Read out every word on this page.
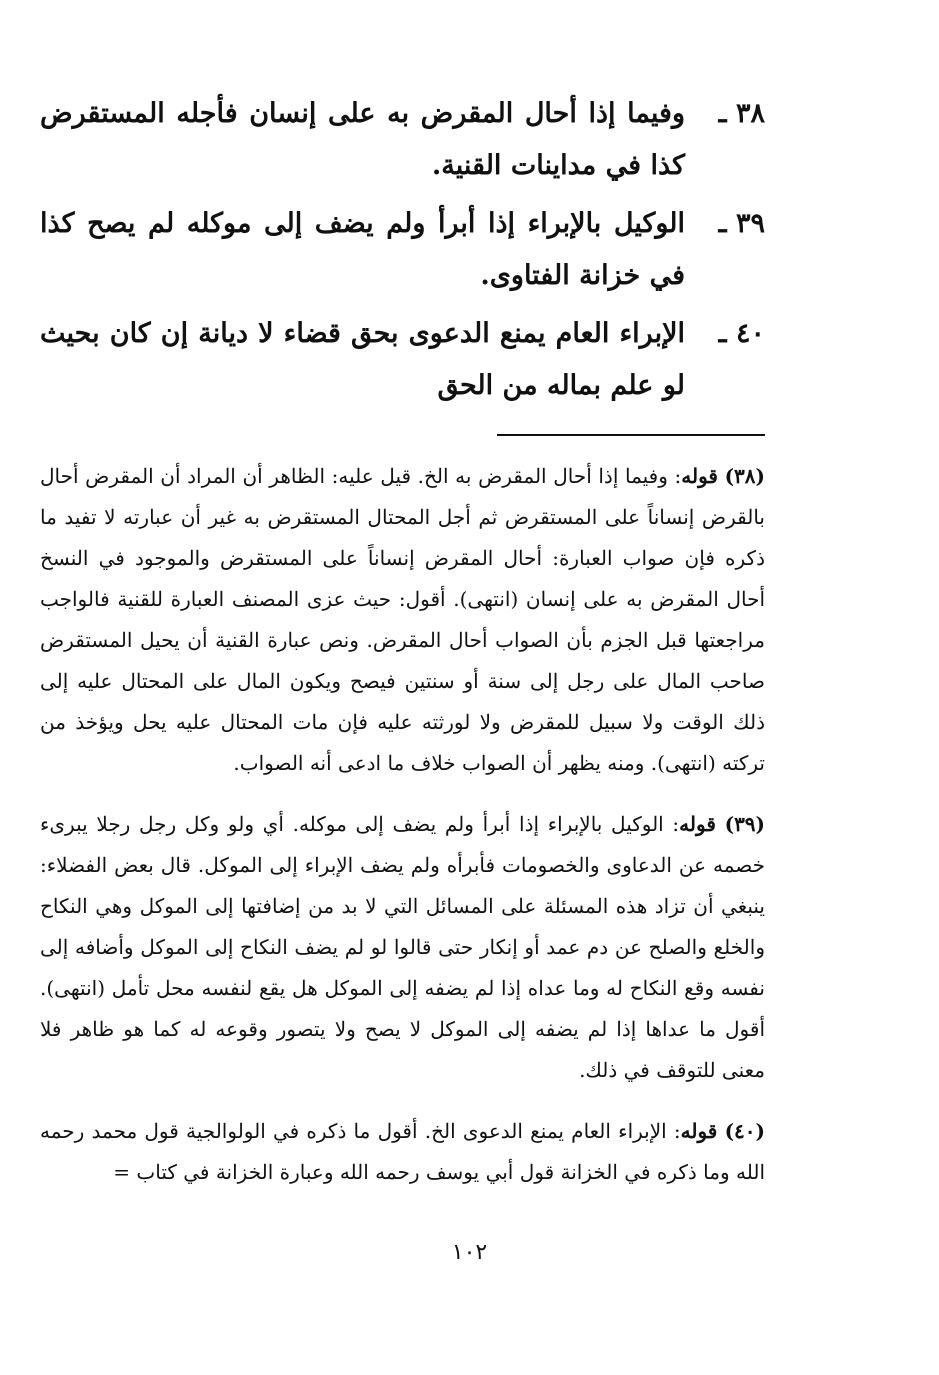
٣٨ ـ
وفيما إذا أحال المقرض به على إنسان فأجله المستقرض كذا في مداينات القنية.
٣٩ ـ
الوكيل بالإبراء إذا أبرأ ولم يضف إلى موكله لم يصح كذا في خزانة الفتاوى.
٤٠ ـ
الإبراء العام يمنع الدعوى بحق قضاء لا ديانة إن كان بحيث لو علم بماله من الحق

(٣٨) قوله: وفيما إذا أحال المقرض به الخ. قيل عليه: الظاهر أن المراد أن المقرض أحال بالقرض إنساناً على المستقرض ثم أجل المحتال المستقرض به غير أن عبارته لا تفيد ما ذكره فإن صواب العبارة: أحال المقرض إنساناً على المستقرض والموجود في النسخ أحال المقرض به على إنسان (انتهى). أقول: حيث عزى المصنف العبارة للقنية فالواجب مراجعتها قبل الجزم بأن الصواب أحال المقرض. ونص عبارة القنية أن يحيل المستقرض صاحب المال على رجل إلى سنة أو سنتين فيصح ويكون المال على المحتال عليه إلى ذلك الوقت ولا سبيل للمقرض ولا لورثته عليه فإن مات المحتال عليه يحل ويؤخذ من تركته (انتهى). ومنه يظهر أن الصواب خلاف ما ادعى أنه الصواب.

(٣٩) قوله: الوكيل بالإبراء إذا أبرأ ولم يضف إلى موكله. أي ولو وكل رجل رجلا يبرىء خصمه عن الدعاوى والخصومات فأبرأه ولم يضف الإبراء إلى الموكل. قال بعض الفضلاء: ينبغي أن تزاد هذه المسئلة على المسائل التي لا بد من إضافتها إلى الموكل وهي النكاح والخلع والصلح عن دم عمد أو إنكار حتى قالوا لو لم يضف النكاح إلى الموكل وأضافه إلى نفسه وقع النكاح له وما عداه إذا لم يضفه إلى الموكل هل يقع لنفسه محل تأمل (انتهى). أقول ما عداها إذا لم يضفه إلى الموكل لا يصح ولا يتصور وقوعه له كما هو ظاهر فلا معنى للتوقف في ذلك.

(٤٠) قوله: الإبراء العام يمنع الدعوى الخ. أقول ما ذكره في الولوالجية قول محمد رحمه الله وما ذكره في الخزانة قول أبي يوسف رحمه الله وعبارة الخزانة في كتاب =

١٠٢
